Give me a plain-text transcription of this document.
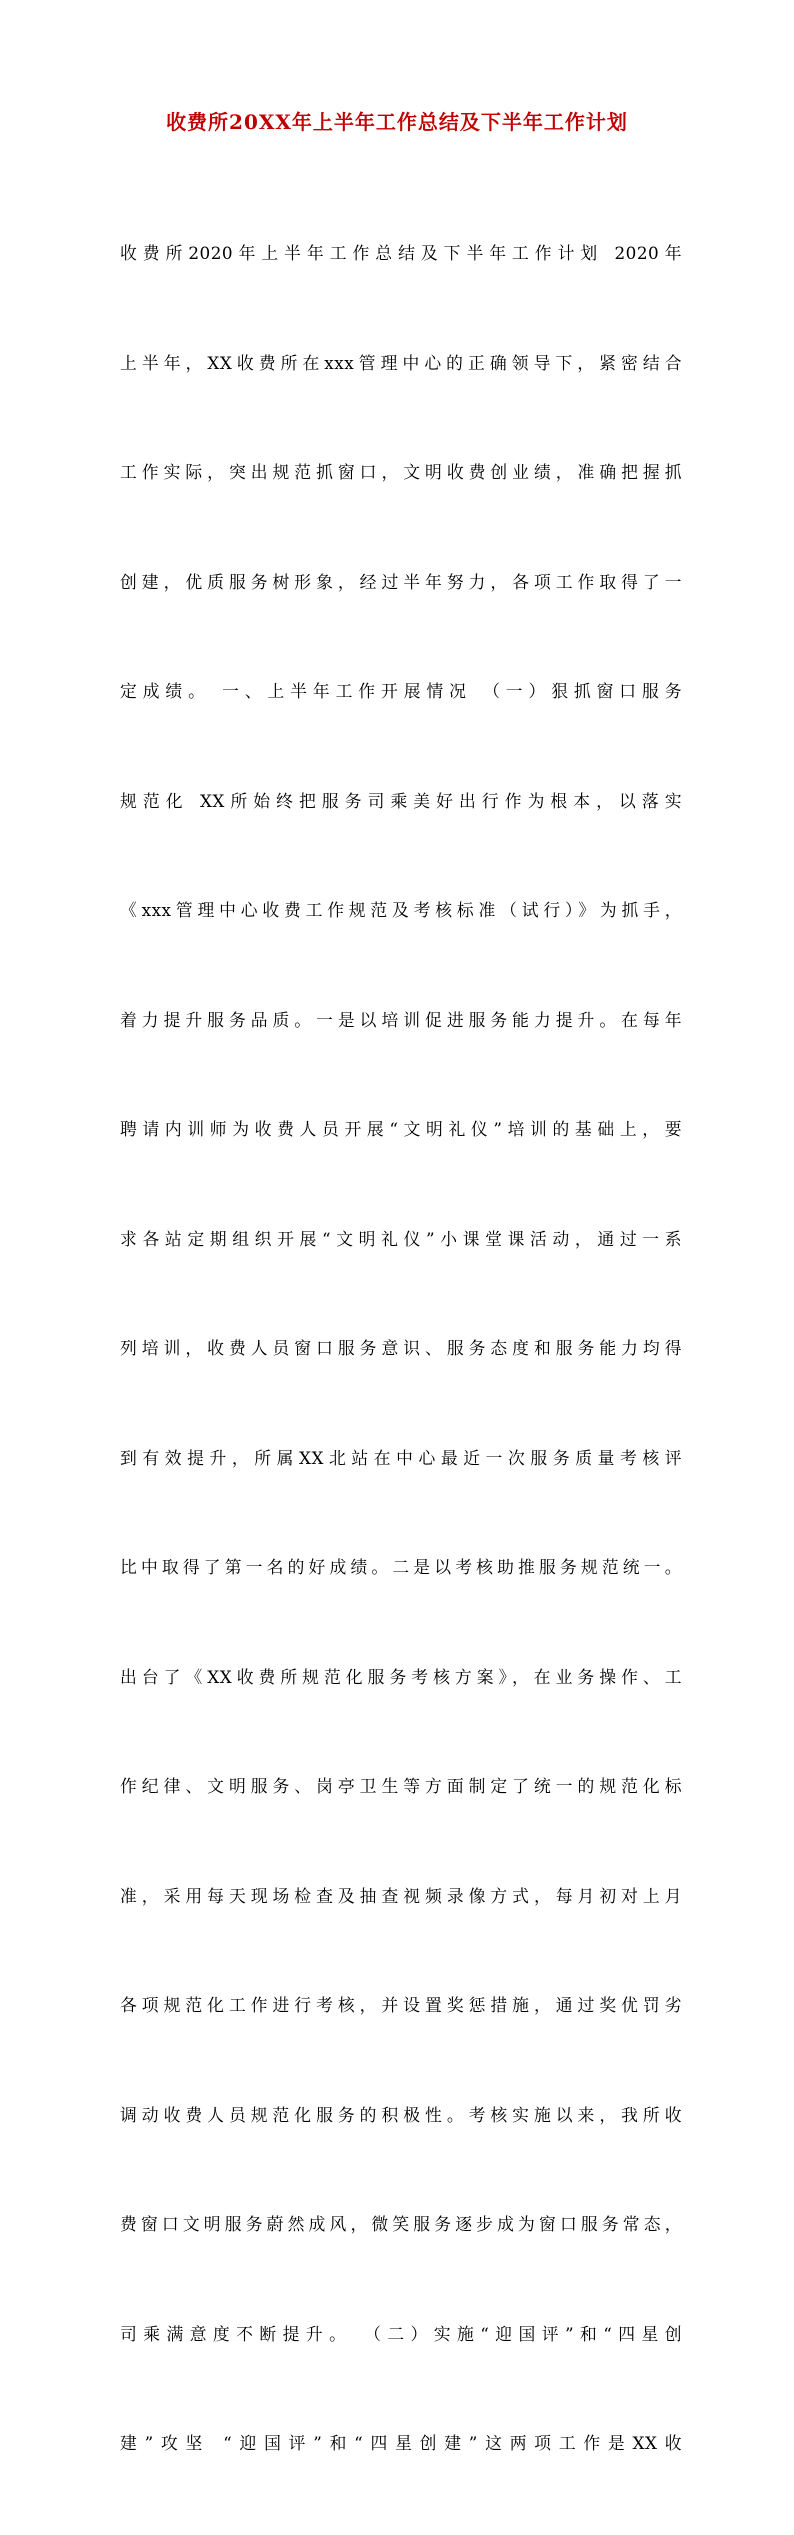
收费所20XX年上半年工作总结及下半年工作计划

收费所2020年上半年工作总结及下半年工作计划 2020年

上半年，XX收费所在xxx管理中心的正确领导下，紧密结合

工作实际，突出规范抓窗口，文明收费创业绩，准确把握抓

创建，优质服务树形象，经过半年努力，各项工作取得了一

定成绩。 一、上半年工作开展情况 （一）狠抓窗口服务

规范化 XX所始终把服务司乘美好出行作为根本，以落实

《xxx管理中心收费工作规范及考核标准（试行）》为抓手，

着力提升服务品质。一是以培训促进服务能力提升。在每年

聘请内训师为收费人员开展“文明礼仪”培训的基础上，要

求各站定期组织开展“文明礼仪”小课堂课活动，通过一系

列培训，收费人员窗口服务意识、服务态度和服务能力均得

到有效提升，所属XX北站在中心最近一次服务质量考核评

比中取得了第一名的好成绩。二是以考核助推服务规范统一。

出台了《XX收费所规范化服务考核方案》，在业务操作、工

作纪律、文明服务、岗亭卫生等方面制定了统一的规范化标

准，采用每天现场检查及抽查视频录像方式，每月初对上月

各项规范化工作进行考核，并设置奖惩措施，通过奖优罚劣

调动收费人员规范化服务的积极性。考核实施以来，我所收

费窗口文明服务蔚然成风，微笑服务逐步成为窗口服务常态，

司乘满意度不断提升。 （二）实施“迎国评”和“四星创

建”攻坚 “迎国评”和“四星创建”这两项工作是XX收
